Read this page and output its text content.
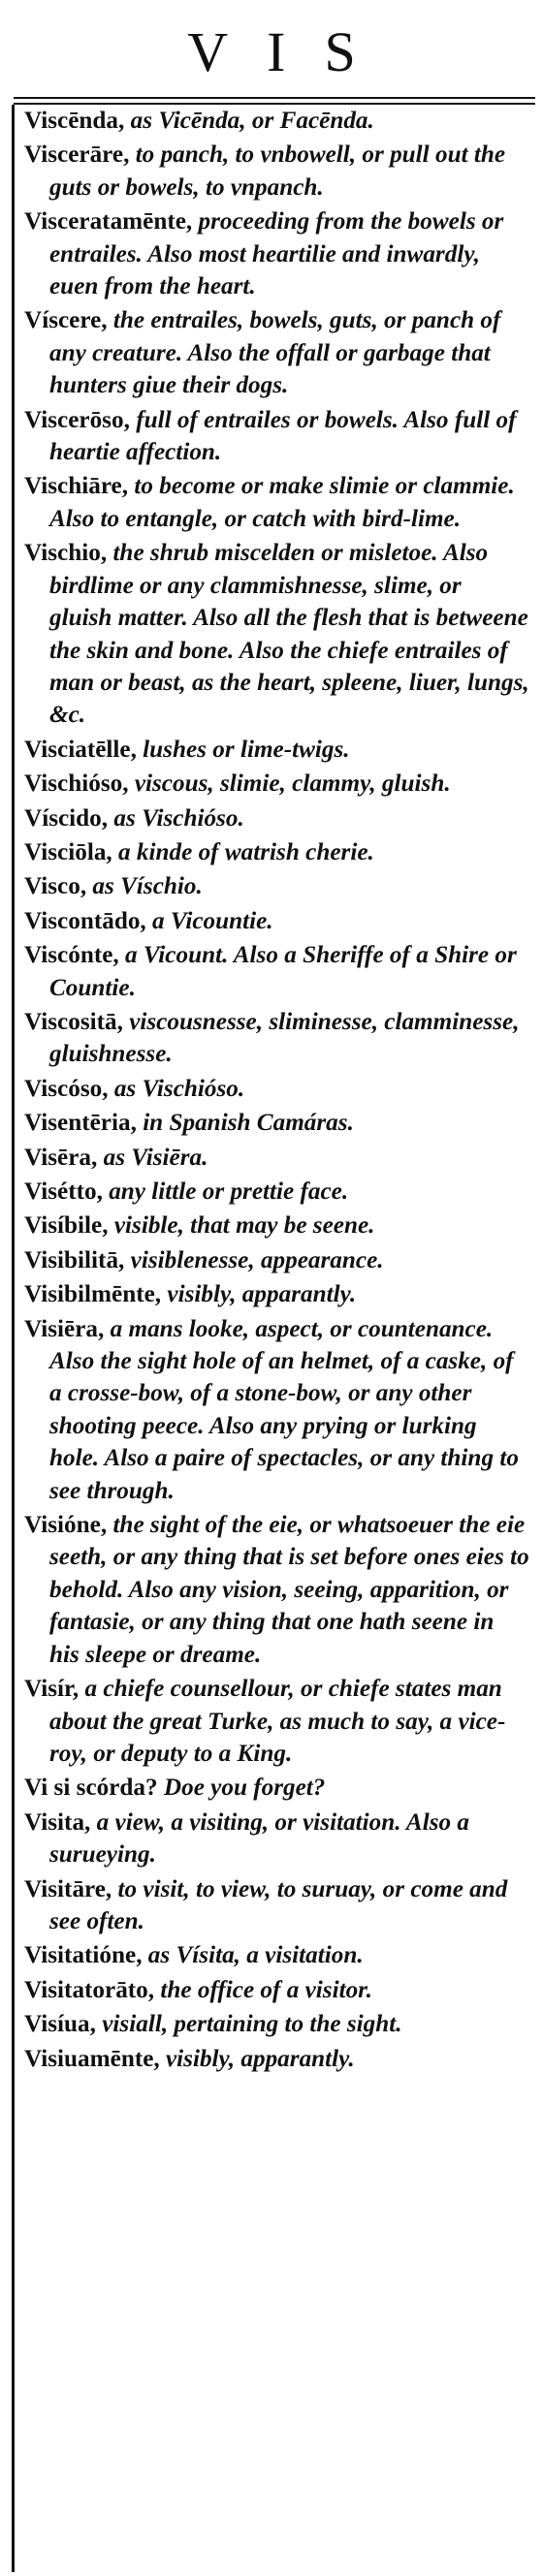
VIS

Viscēnda, as Vicēnda, or Facēnda.

Viscerāre, to panch, to vnbowell, or pull out the guts or bowels, to vnpanch.

Visceratamēnte, proceeding from the bowels or entrailes. Also most heartilie and inwardly, euen from the heart.

Víscere, the entrailes, bowels, guts, or panch of any creature. Also the offall or garbage that hunters giue their dogs.

Viscerōso, full of entrailes or bowels. Also full of heartie affection.

Vischiāre, to become or make slimie or clammie. Also to entangle, or catch with bird-lime.

Vischio, the shrub miscelden or misletoe. Also birdlime or any clammishnesse, slime, or gluish matter. Also all the flesh that is betweene the skin and bone. Also the chiefe entrailes of man or beast, as the heart, spleene, liuer, lungs, &c.

Visciatēlle, lushes or lime-twigs.

Vischióso, viscous, slimie, clammy, gluish.

Víscido, as Vischióso.

Visciōla, a kinde of watrish cherie.

Visco, as Víschio.

Viscontādo, a Vicountie.

Viscónte, a Vicount. Also a Sheriffe of a Shire or Countie.

Viscositā, viscousnesse, sliminesse, clamminesse, gluishnesse.

Viscóso, as Vischióso.

Visentēria, in Spanish Camáras.

Visēra, as Visiēra.

Visétto, any little or prettie face.

Visíbile, visible, that may be seene.

Visibilitā, visiblenesse, appearance.

Visibilmēnte, visibly, apparantly.

Visiēra, a mans looke, aspect, or countenance. Also the sight hole of an helmet, of a caske, of a crosse-bow, of a stone-bow, or any other shooting peece. Also any prying or lurking hole. Also a paire of spectacles, or any thing to see through.

Visióne, the sight of the eie, or whatsoeuer the eie seeth, or any thing that is set before ones eies to behold. Also any vision, seeing, apparition, or fantasie, or any thing that one hath seene in his sleepe or dreame.

Visír, a chiefe counsellour, or chiefe states man about the great Turke, as much to say, a vice-roy, or deputy to a King.

Vi si scórda? Doe you forget?

Visita, a view, a visiting, or visitation. Also a surueying.

Visitāre, to visit, to view, to suruay, or come and see often.

Visitatióne, as Vísita, a visitation.

Visitatorāto, the office of a visitor.

Visíua, visiall, pertaining to the sight.

Visiuamēnte, visibly, apparantly.
